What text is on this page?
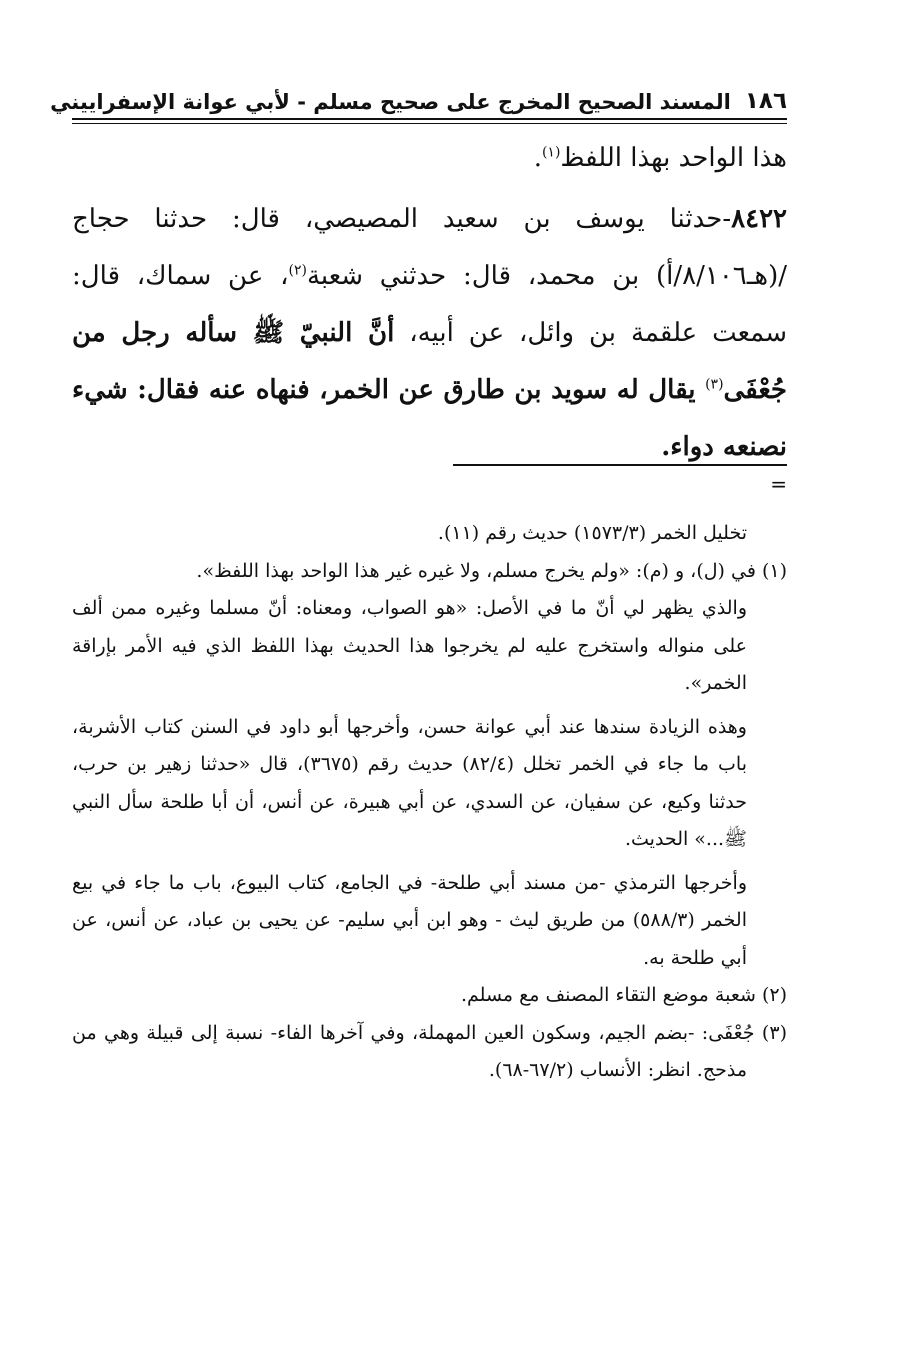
١٨٦
المسند الصحيح المخرج على صحيح مسلم - لأبي عوانة الإسفراييني

هذا الواحد بهذا اللفظ$^{(١)}$.

٨٤٢٢-حدثنا يوسف بن سعيد المصيصي، قال: حدثنا حجاج /(هـ٨/١٠٦/أ) بن محمد، قال: حدثني شعبة$^{(٢)}$، عن سماك، قال: سمعت علقمة بن وائل، عن أبيه، أنَّ النبيّ ﷺ سأله رجل من جُعْفَى$^{(٣)}$ يقال له سويد بن طارق عن الخمر، فنهاه عنه فقال: شيء نصنعه دواء.

=

تخليل الخمر (١٥٧٣/٣) حديث رقم (١١).

(١) في (ل)، و (م): «ولم يخرج مسلم، ولا غيره غير هذا الواحد بهذا اللفظ».

والذي يظهر لي أنّ ما في الأصل: «هو الصواب، ومعناه: أنّ مسلما وغيره ممن ألف على منواله واستخرج عليه لم يخرجوا هذا الحديث بهذا اللفظ الذي فيه الأمر بإراقة الخمر».

وهذه الزيادة سندها عند أبي عوانة حسن، وأخرجها أبو داود في السنن كتاب الأشربة، باب ما جاء في الخمر تخلل (٨٢/٤) حديث رقم (٣٦٧٥)، قال «حدثنا زهير بن حرب، حدثنا وكيع، عن سفيان، عن السدي، عن أبي هبيرة، عن أنس، أن أبا طلحة سأل النبي ﷺ...» الحديث.

وأخرجها الترمذي -من مسند أبي طلحة- في الجامع، كتاب البيوع، باب ما جاء في بيع الخمر (٥٨٨/٣) من طريق ليث - وهو ابن أبي سليم- عن يحيى بن عباد، عن أنس، عن أبي طلحة به.

(٢) شعبة موضع التقاء المصنف مع مسلم.

(٣) جُعْفَى: -بضم الجيم، وسكون العين المهملة، وفي آخرها الفاء- نسبة إلى قبيلة وهي من مذحج. انظر: الأنساب (٦٧/٢-٦٨).
